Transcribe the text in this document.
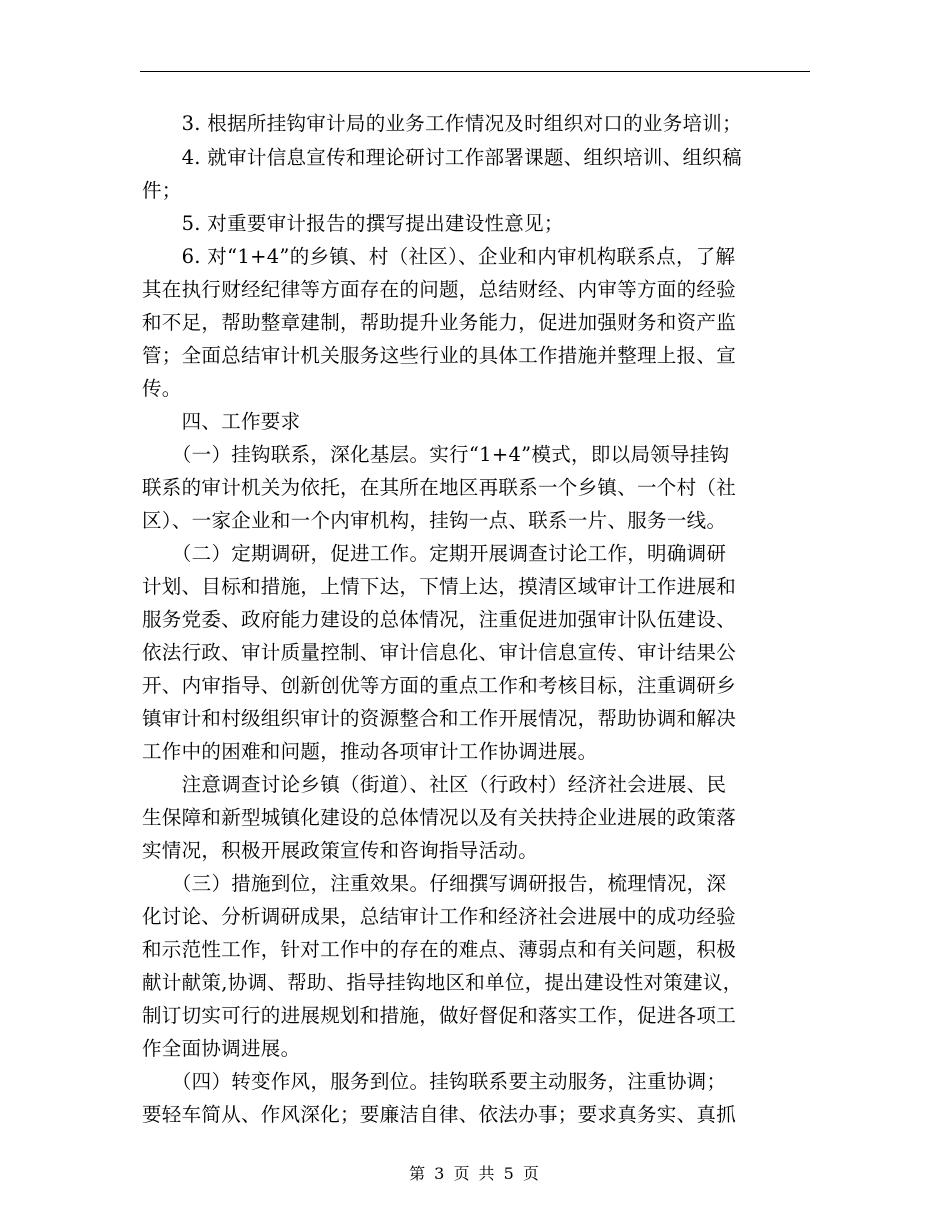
　　3. 根据所挂钩审计局的业务工作情况及时组织对口的业务培训；
　　4. 就审计信息宣传和理论研讨工作部署课题、组织培训、组织稿
件；
　　5. 对重要审计报告的撰写提出建设性意见；
　　6. 对“1+4”的乡镇、村（社区）、企业和内审机构联系点，了解
其在执行财经纪律等方面存在的问题，总结财经、内审等方面的经验
和不足，帮助整章建制，帮助提升业务能力，促进加强财务和资产监
管；全面总结审计机关服务这些行业的具体工作措施并整理上报、宣
传。
　　四、工作要求
　　（一）挂钩联系，深化基层。实行“1+4”模式，即以局领导挂钩
联系的审计机关为依托，在其所在地区再联系一个乡镇、一个村（社
区）、一家企业和一个内审机构，挂钩一点、联系一片、服务一线。
　　（二）定期调研，促进工作。定期开展调查讨论工作，明确调研
计划、目标和措施，上情下达，下情上达，摸清区域审计工作进展和
服务党委、政府能力建设的总体情况，注重促进加强审计队伍建设、
依法行政、审计质量控制、审计信息化、审计信息宣传、审计结果公
开、内审指导、创新创优等方面的重点工作和考核目标，注重调研乡
镇审计和村级组织审计的资源整合和工作开展情况，帮助协调和解决
工作中的困难和问题，推动各项审计工作协调进展。
　　注意调查讨论乡镇（街道）、社区（行政村）经济社会进展、民
生保障和新型城镇化建设的总体情况以及有关扶持企业进展的政策落
实情况，积极开展政策宣传和咨询指导活动。
　　（三）措施到位，注重效果。仔细撰写调研报告，梳理情况，深
化讨论、分析调研成果，总结审计工作和经济社会进展中的成功经验
和示范性工作，针对工作中的存在的难点、薄弱点和有关问题，积极
献计献策,协调、帮助、指导挂钩地区和单位，提出建设性对策建议，
制订切实可行的进展规划和措施，做好督促和落实工作，促进各项工
作全面协调进展。
　　（四）转变作风，服务到位。挂钩联系要主动服务，注重协调；
要轻车简从、作风深化；要廉洁自律、依法办事；要求真务实、真抓
第 3 页 共 5 页
